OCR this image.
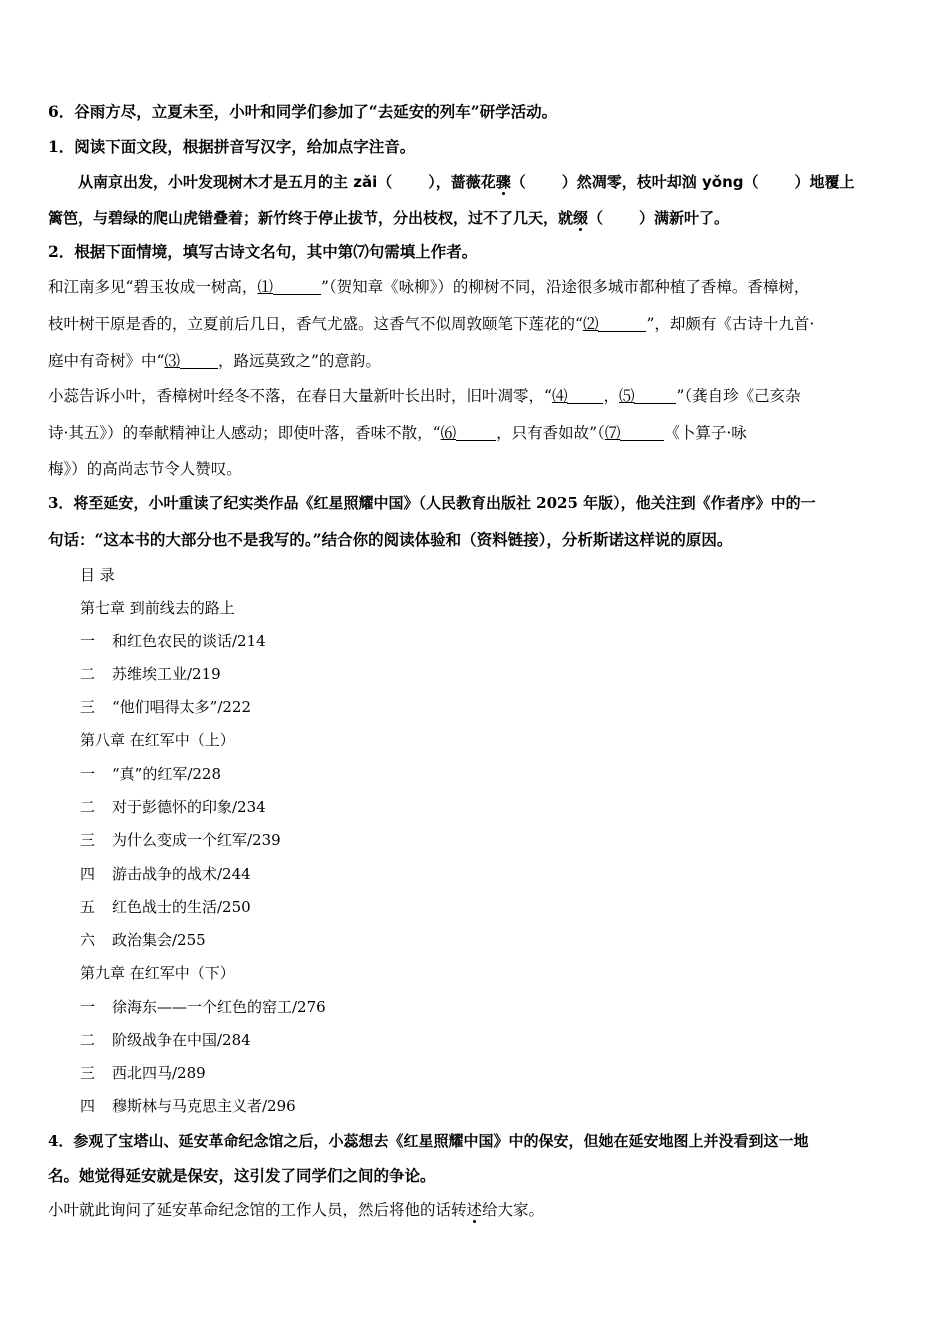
6．谷雨方尽，立夏未至，小叶和同学们参加了“去延安的列车”研学活动。
1．阅读下面文段，根据拼音写汉字，给加点字注音。
从南京出发，小叶发现树木才是五月的主 zǎi（ ），蔷薇花骤（ ）然凋零，枝叶却汹 yǒng（ ）地覆上
篱笆，与碧绿的爬山虎错叠着；新竹终于停止拔节，分出枝杈，过不了几天，就缀（ ）满新叶了。
2．根据下面情境，填写古诗文名句，其中第⑺句需填上作者。
和江南多见“碧玉妆成一树高，⑴	”（贺知章《咏柳》）的柳树不同，沿途很多城市都种植了香樟。香樟树，
枝叶树干原是香的，立夏前后几日，香气尤盛。这香气不似周敦颐笔下莲花的“⑵	”，却颇有《古诗十九首·
庭中有奇树》中“⑶ ，路远莫致之”的意韵。
小蕊告诉小叶，香樟树叶经冬不落，在春日大量新叶长出时，旧叶凋零，“⑷ ，⑸	”（龚自珍《己亥杂
诗·其五》）的奉献精神让人感动；即使叶落，香味不散，“⑹	，只有香如故”（⑺	《卜算子·咏
梅》）的高尚志节令人赞叹。
3．将至延安，小叶重读了纪实类作品《红星照耀中国》（人民教育出版社 2025 年版），他关注到《作者序》中的一
句话：“这本书的大部分也不是我写的。”结合你的阅读体验和（资料链接），分析斯诺这样说的原因。
目 录
第七章 到前线去的路上
一 和红色农民的谈话/214
二 苏维埃工业/219
三 “他们唱得太多”/222
第八章 在红军中（上）
一 “真”的红军/228
二 对于彭德怀的印象/234
三 为什么变成一个红军/239
四 游击战争的战术/244
五 红色战士的生活/250
六 政治集会/255
第九章 在红军中（下）
一 徐海东——一个红色的窑工/276
二 阶级战争在中国/284
三 西北四马/289
四 穆斯林与马克思主义者/296
4．参观了宝塔山、延安革命纪念馆之后，小蕊想去《红星照耀中国》中的保安，但她在延安地图上并没看到这一地
名。她觉得延安就是保安，这引发了同学们之间的争论。
小叶就此询问了延安革命纪念馆的工作人员，然后将他的话转述给大家。
